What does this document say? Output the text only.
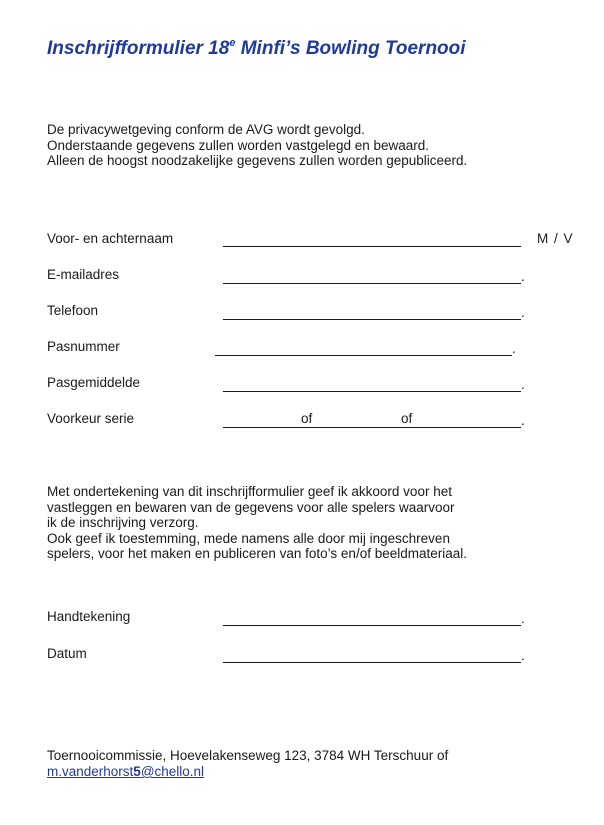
Inschrijfformulier 18e Minfi’s Bowling Toernooi
De privacywetgeving conform de AVG wordt gevolgd.
Onderstaande gegevens zullen worden vastgelegd en bewaard.
Alleen de hoogst noodzakelijke gegevens zullen worden gepubliceerd.
Voor- en achternaam	M / V
E-mailadres	.
Telefoon	.
Pasnummer	.
Pasgemiddelde	.
Voorkeur serie	of	of	.
Met ondertekening van dit inschrijfformulier geef ik akkoord voor het
vastleggen en bewaren van de gegevens voor alle spelers waarvoor
ik de inschrijving verzorg.
Ook geef ik toestemming, mede namens alle door mij ingeschreven
spelers, voor het maken en publiceren van foto’s en/of beeldmateriaal.
Handtekening	.
Datum	.
Toernooicommissie, Hoevelakenseweg 123, 3784 WH Terschuur of
m.vanderhorst5@chello.nl
